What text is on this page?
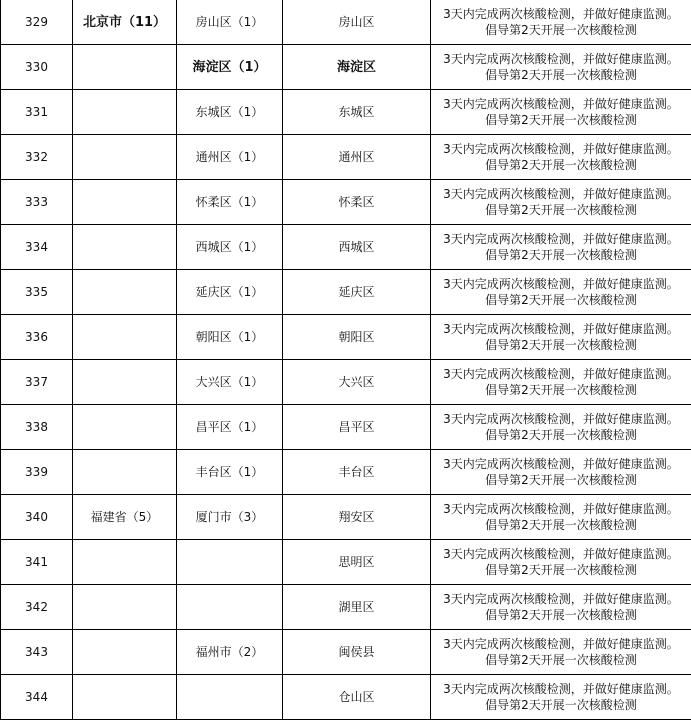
329	北京市（11）	房山区（1）	房山区	3天内完成两次核酸检测，并做好健康监测。
倡导第2天开展一次核酸检测

330		海淀区（1）	海淀区	3天内完成两次核酸检测，并做好健康监测。
倡导第2天开展一次核酸检测

331		东城区（1）	东城区	3天内完成两次核酸检测，并做好健康监测。
倡导第2天开展一次核酸检测

332		通州区（1）	通州区	3天内完成两次核酸检测，并做好健康监测。
倡导第2天开展一次核酸检测

333		怀柔区（1）	怀柔区	3天内完成两次核酸检测，并做好健康监测。
倡导第2天开展一次核酸检测

334		西城区（1）	西城区	3天内完成两次核酸检测，并做好健康监测。
倡导第2天开展一次核酸检测

335		延庆区（1）	延庆区	3天内完成两次核酸检测，并做好健康监测。
倡导第2天开展一次核酸检测

336		朝阳区（1）	朝阳区	3天内完成两次核酸检测，并做好健康监测。
倡导第2天开展一次核酸检测

337		大兴区（1）	大兴区	3天内完成两次核酸检测，并做好健康监测。
倡导第2天开展一次核酸检测

338		昌平区（1）	昌平区	3天内完成两次核酸检测，并做好健康监测。
倡导第2天开展一次核酸检测

339		丰台区（1）	丰台区	3天内完成两次核酸检测，并做好健康监测。
倡导第2天开展一次核酸检测

340	福建省（5）	厦门市（3）	翔安区	3天内完成两次核酸检测，并做好健康监测。
倡导第2天开展一次核酸检测

341			思明区	3天内完成两次核酸检测，并做好健康监测。
倡导第2天开展一次核酸检测

342			湖里区	3天内完成两次核酸检测，并做好健康监测。
倡导第2天开展一次核酸检测

343		福州市（2）	闽侯县	3天内完成两次核酸检测，并做好健康监测。
倡导第2天开展一次核酸检测

344			仓山区	3天内完成两次核酸检测，并做好健康监测。
倡导第2天开展一次核酸检测
